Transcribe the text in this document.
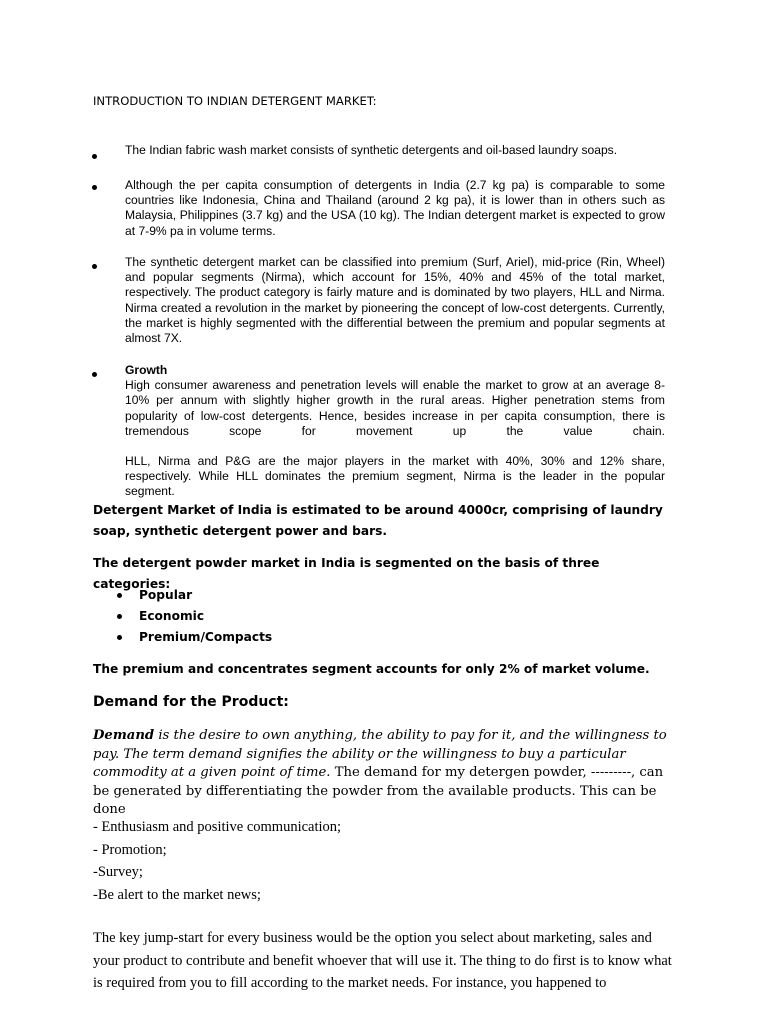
INTRODUCTION TO INDIAN DETERGENT MARKET:
The Indian fabric wash market consists of synthetic detergents and oil-based laundry soaps.
Although the per capita consumption of detergents in India (2.7 kg pa) is comparable to some countries like Indonesia, China and Thailand (around 2 kg pa), it is lower than in others such as Malaysia, Philippines (3.7 kg) and the USA (10 kg). The Indian detergent market is expected to grow at 7-9% pa in volume terms.
The synthetic detergent market can be classified into premium (Surf, Ariel), mid-price (Rin, Wheel) and popular segments (Nirma), which account for 15%, 40% and 45% of the total market, respectively. The product category is fairly mature and is dominated by two players, HLL and Nirma. Nirma created a revolution in the market by pioneering the concept of low-cost detergents. Currently, the market is highly segmented with the differential between the premium and popular segments at almost 7X.

Growth

High consumer awareness and penetration levels will enable the market to grow at an average 8-10% per annum with slightly higher growth in the rural areas. Higher penetration stems from popularity of low-cost detergents. Hence, besides increase in per capita consumption, there is tremendous scope for movement up the value chain.

HLL, Nirma and P&G are the major players in the market with 40%, 30% and 12% share, respectively. While HLL dominates the premium segment, Nirma is the leader in the popular segment.

Detergent Market of India is estimated to be around 4000cr, comprising of laundry soap, synthetic detergent power and bars.
The detergent powder market in India is segmented on the basis of three categories:
Popular
Economic
Premium/Compacts
The premium and concentrates segment accounts for only 2% of market volume.
Demand for the Product:
Demand is the desire to own anything, the ability to pay for it, and the willingness to pay. The term demand signifies the ability or the willingness to buy a particular commodity at a given point of time. The demand for my detergen powder, ---------, can be generated by differentiating the powder from the available products. This can be done
- Enthusiasm and positive communication;
- Promotion;
-Survey;
-Be alert to the market news;
The key jump-start for every business would be the option you select about marketing, sales and your product to contribute and benefit whoever that will use it. The thing to do first is to know what is required from you to fill according to the market needs. For instance, you happened to
